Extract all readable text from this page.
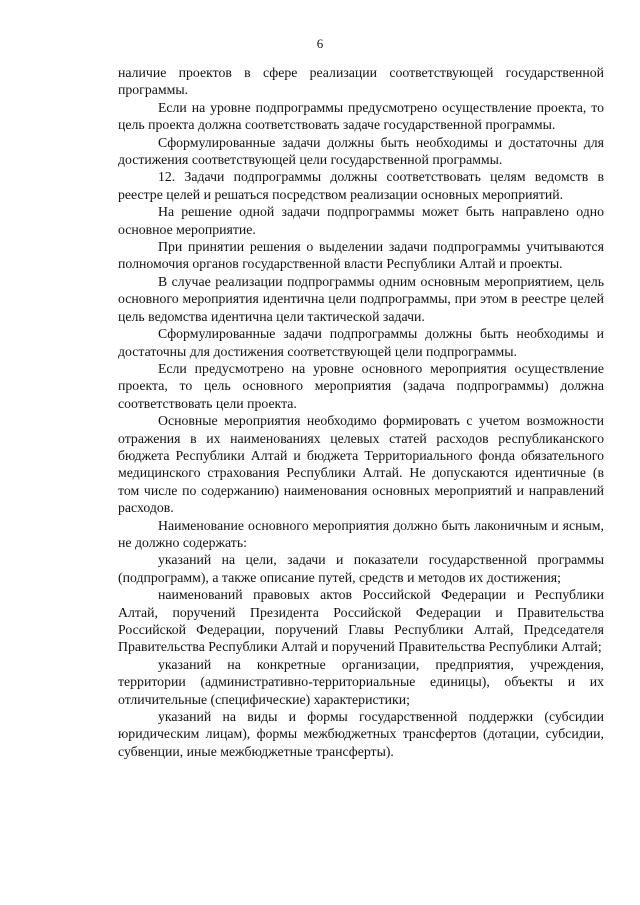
6

наличие проектов в сфере реализации соответствующей государственной программы.

Если на уровне подпрограммы предусмотрено осуществление проекта, то цель проекта должна соответствовать задаче государственной программы.

Сформулированные задачи должны быть необходимы и достаточны для достижения соответствующей цели государственной программы.

12. Задачи подпрограммы должны соответствовать целям ведомств в реестре целей и решаться посредством реализации основных мероприятий.

На решение одной задачи подпрограммы может быть направлено одно основное мероприятие.

При принятии решения о выделении задачи подпрограммы учитываются полномочия органов государственной власти Республики Алтай и проекты.

В случае реализации подпрограммы одним основным мероприятием, цель основного мероприятия идентична цели подпрограммы, при этом в реестре целей цель ведомства идентична цели тактической задачи.

Сформулированные задачи подпрограммы должны быть необходимы и достаточны для достижения соответствующей цели подпрограммы.

Если предусмотрено на уровне основного мероприятия осуществление проекта, то цель основного мероприятия (задача подпрограммы) должна соответствовать цели проекта.

Основные мероприятия необходимо формировать с учетом возможности отражения в их наименованиях целевых статей расходов республиканского бюджета Республики Алтай и бюджета Территориального фонда обязательного медицинского страхования Республики Алтай. Не допускаются идентичные (в том числе по содержанию) наименования основных мероприятий и направлений расходов.

Наименование основного мероприятия должно быть лаконичным и ясным, не должно содержать:

указаний на цели, задачи и показатели государственной программы (подпрограмм), а также описание путей, средств и методов их достижения;

наименований правовых актов Российской Федерации и Республики Алтай, поручений Президента Российской Федерации и Правительства Российской Федерации, поручений Главы Республики Алтай, Председателя Правительства Республики Алтай и поручений Правительства Республики Алтай;

указаний на конкретные организации, предприятия, учреждения, территории (административно-территориальные единицы), объекты и их отличительные (специфические) характеристики;

указаний на виды и формы государственной поддержки (субсидии юридическим лицам), формы межбюджетных трансфертов (дотации, субсидии, субвенции, иные межбюджетные трансферты).
